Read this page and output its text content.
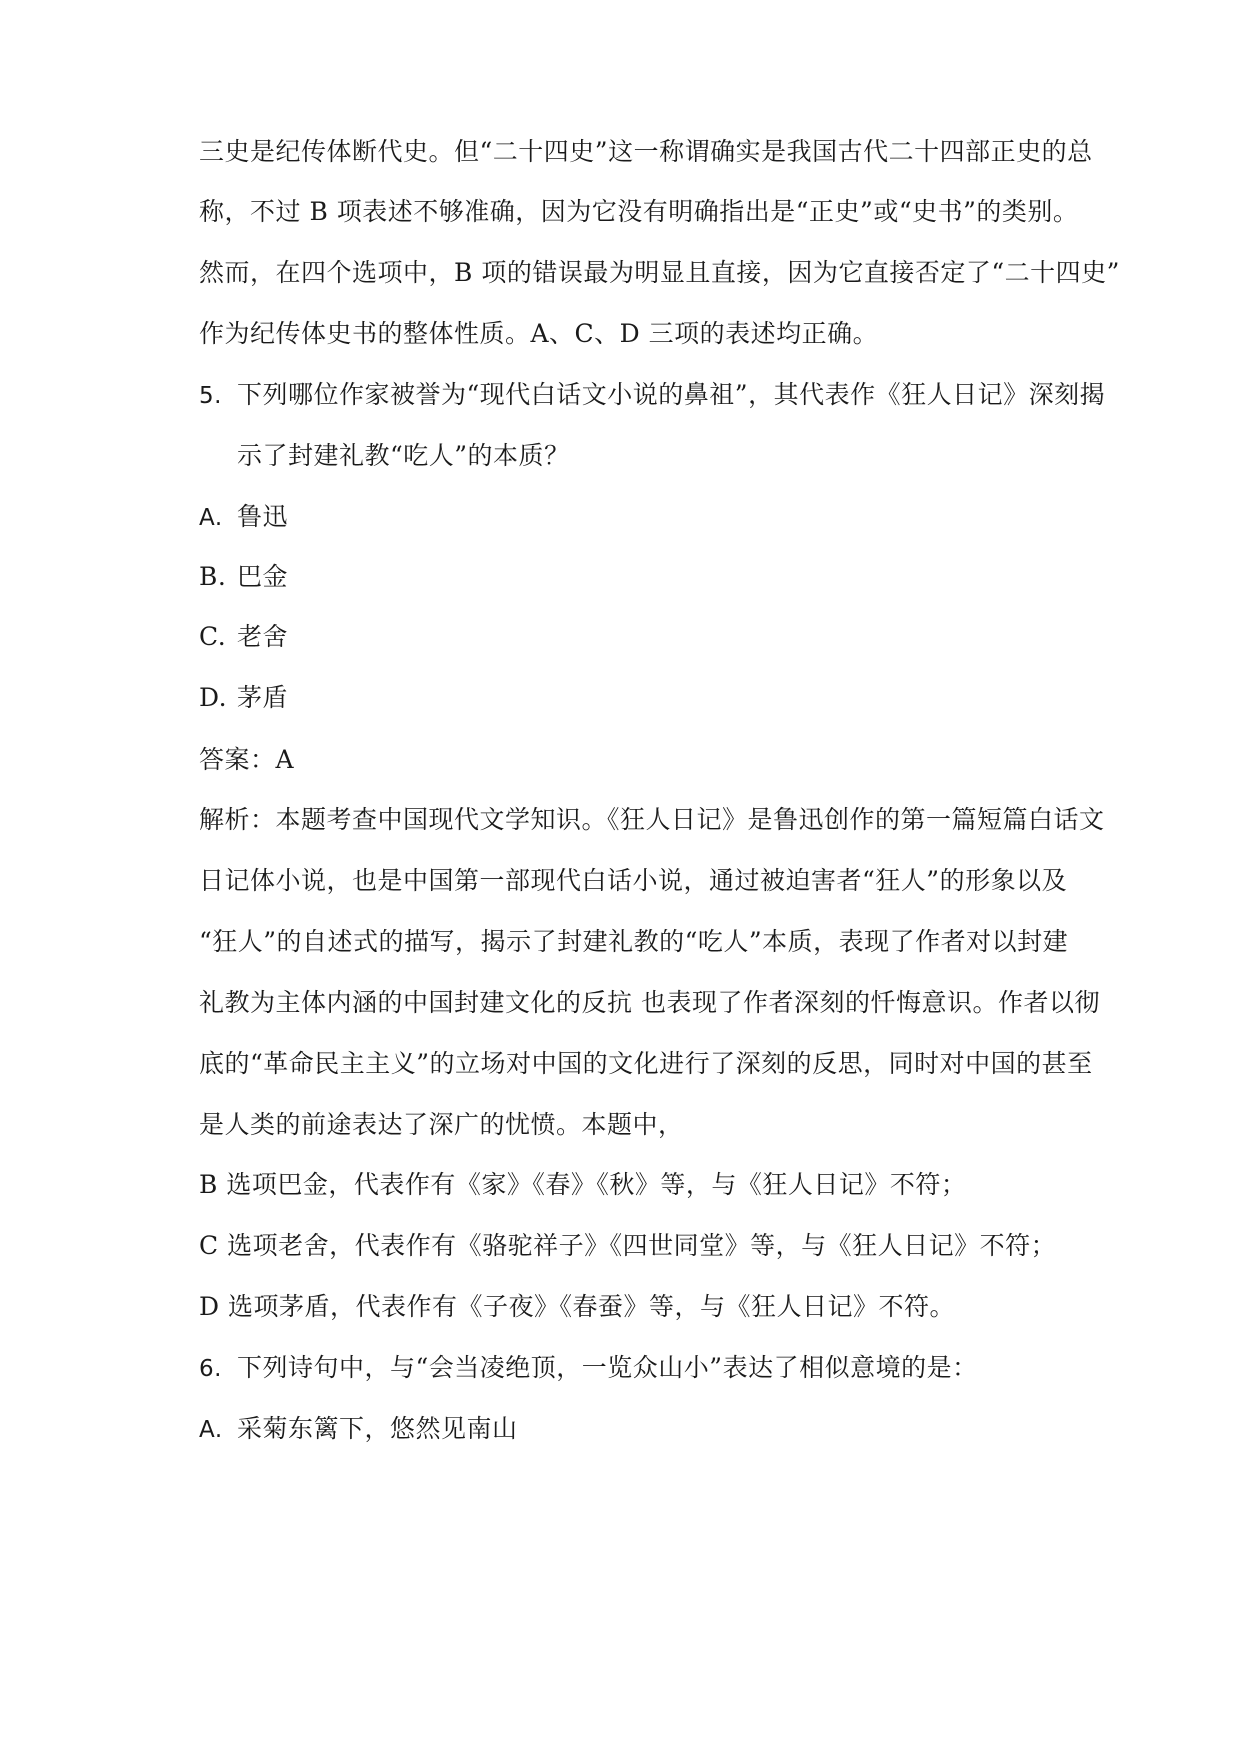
三史是纪传体断代史。但“二十四史”这一称谓确实是我国古代二十四部正史的总
称，不过 B 项表述不够准确，因为它没有明确指出是“正史”或“史书”的类别。
然而，在四个选项中，B 项的错误最为明显且直接，因为它直接否定了“二十四史”
作为纪传体史书的整体性质。A、C、D 三项的表述均正确。
5. 下列哪位作家被誉为“现代白话文小说的鼻祖”，其代表作《狂人日记》深刻揭
示了封建礼教“吃人”的本质？
A. 鲁迅
B. 巴金
C. 老舍
D. 茅盾
答案：A
解析：本题考查中国现代文学知识。《狂人日记》是鲁迅创作的第一篇短篇白话文
日记体小说，也是中国第一部现代白话小说，通过被迫害者“狂人”的形象以及
“狂人”的自述式的描写，揭示了封建礼教的“吃人”本质，表现了作者对以封建
礼教为主体内涵的中国封建文化的反抗 也表现了作者深刻的忏悔意识。作者以彻
底的“革命民主主义”的立场对中国的文化进行了深刻的反思，同时对中国的甚至
是人类的前途表达了深广的忧愤。本题中，
B 选项巴金，代表作有《家》《春》《秋》等，与《狂人日记》不符；
C 选项老舍，代表作有《骆驼祥子》《四世同堂》等，与《狂人日记》不符；
D 选项茅盾，代表作有《子夜》《春蚕》等，与《狂人日记》不符。
6. 下列诗句中，与“会当凌绝顶，一览众山小”表达了相似意境的是：
A. 采菊东篱下，悠然见南山
